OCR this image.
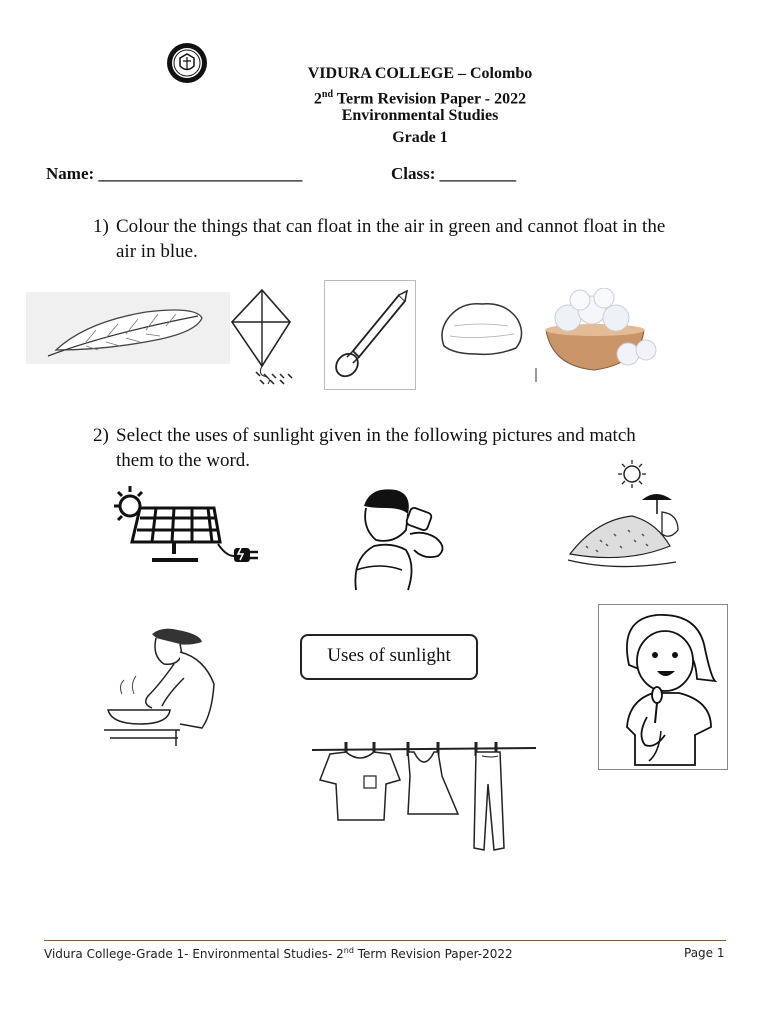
VIDURA COLLEGE – Colombo
2nd Term Revision Paper - 2022
Environmental Studies
Grade 1
Name: ________________________	Class: _________
1) Colour the things that can float in the air in green and cannot float in the
air in blue.
2) Select the uses of sunlight given in the following pictures and match
them to the word.
Uses of sunlight
Vidura College-Grade 1- Environmental Studies- 2nd Term Revision Paper-2022	Page 1
